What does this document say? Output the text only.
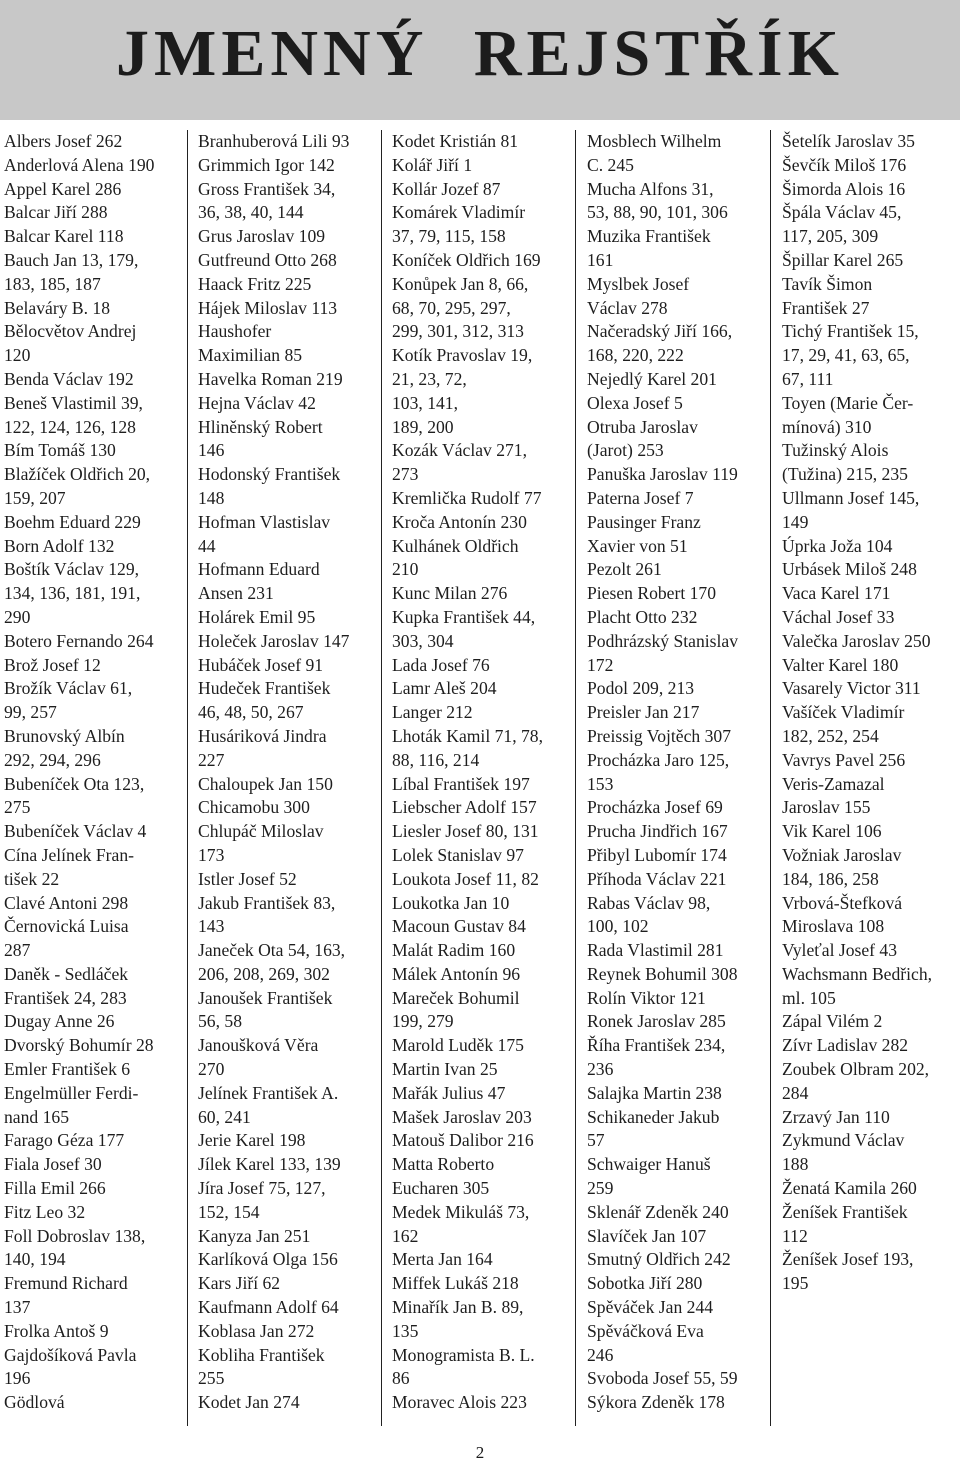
JMENNÝ REJSTŘÍK
Albers Josef 262
Anderlová Alena 190
Appel Karel 286
Balcar Jiří 288
Balcar Karel 118
Bauch Jan 13, 179,
183, 185, 187
Belaváry B. 18
Bělocvětov Andrej
120
Benda Václav 192
Beneš Vlastimil 39,
122, 124, 126, 128
Bím Tomáš 130
Blažíček Oldřich 20,
159, 207
Boehm Eduard 229
Born Adolf 132
Boštík Václav 129,
134, 136, 181, 191,
290
Botero Fernando 264
Brož Josef 12
Brožík Václav 61,
99, 257
Brunovský Albín
292, 294, 296
Bubeníček Ota 123,
275
Bubeníček Václav 4
Cína Jelínek Fran-
tišek 22
Clavé Antoni 298
Černovická Luisa
287
Daněk - Sedláček
František 24, 283
Dugay Anne 26
Dvorský Bohumír 28
Emler František 6
Engelmüller Ferdi-
nand 165
Farago Géza 177
Fiala Josef 30
Filla Emil 266
Fitz Leo 32
Foll Dobroslav 138,
140, 194
Fremund Richard
137
Frolka Antoš 9
Gajdošíková Pavla
196
Gödlová
Branhuberová Lili 93
Grimmich Igor 142
Gross František 34,
36, 38, 40, 144
Grus Jaroslav 109
Gutfreund Otto 268
Haack Fritz 225
Hájek Miloslav 113
Haushofer
Maximilian 85
Havelka Roman 219
Hejna Václav 42
Hliněnský Robert
146
Hodonský František
148
Hofman Vlastislav
44
Hofmann Eduard
Ansen 231
Holárek Emil 95
Holeček Jaroslav 147
Hubáček Josef 91
Hudeček František
46, 48, 50, 267
Husáriková Jindra
227
Chaloupek Jan 150
Chicamobu 300
Chlupáč Miloslav
173
Istler Josef 52
Jakub František 83,
143
Janeček Ota 54, 163,
206, 208, 269, 302
Janoušek František
56, 58
Janoušková Věra
270
Jelínek František A.
60, 241
Jerie Karel 198
Jílek Karel 133, 139
Jíra Josef 75, 127,
152, 154
Kanyza Jan 251
Karlíková Olga 156
Kars Jiří 62
Kaufmann Adolf 64
Koblasa Jan 272
Kobliha František
255
Kodet Jan 274
Kodet Kristián 81
Kolář Jiří 1
Kollár Jozef 87
Komárek Vladimír
37, 79, 115, 158
Koníček Oldřich 169
Konůpek Jan 8, 66,
68, 70, 295, 297,
299, 301, 312, 313
Kotík Pravoslav 19,
21, 23, 72,
103, 141,
189, 200
Kozák Václav 271,
273
Kremlička Rudolf 77
Kroča Antonín 230
Kulhánek Oldřich
210
Kunc Milan 276
Kupka František 44,
303, 304
Lada Josef 76
Lamr Aleš 204
Langer 212
Lhoták Kamil 71, 78,
88, 116, 214
Líbal František 197
Liebscher Adolf 157
Liesler Josef 80, 131
Lolek Stanislav 97
Loukota Josef 11, 82
Loukotka Jan 10
Macoun Gustav 84
Malát Radim 160
Málek Antonín 96
Mareček Bohumil
199, 279
Marold Luděk 175
Martin Ivan 25
Mařák Julius 47
Mašek Jaroslav 203
Matouš Dalibor 216
Matta Roberto
Eucharen 305
Medek Mikuláš 73,
162
Merta Jan 164
Miffek Lukáš 218
Minařík Jan B. 89,
135
Monogramista B. L.
86
Moravec Alois 223
Mosblech Wilhelm
C. 245
Mucha Alfons 31,
53, 88, 90, 101, 306
Muzika František
161
Myslbek Josef
Václav 278
Načeradský Jiří 166,
168, 220, 222
Nejedlý Karel 201
Olexa Josef 5
Otruba Jaroslav
(Jarot) 253
Panuška Jaroslav 119
Paterna Josef 7
Pausinger Franz
Xavier von 51
Pezolt 261
Piesen Robert 170
Placht Otto 232
Podhrázský Stanislav
172
Podol 209, 213
Preisler Jan 217
Preissig Vojtěch 307
Procházka Jaro 125,
153
Procházka Josef 69
Prucha Jindřich 167
Přibyl Lubomír 174
Příhoda Václav 221
Rabas Václav 98,
100, 102
Rada Vlastimil 281
Reynek Bohumil 308
Rolín Viktor 121
Ronek Jaroslav 285
Říha František 234,
236
Salajka Martin 238
Schikaneder Jakub
57
Schwaiger Hanuš
259
Sklenář Zdeněk 240
Slavíček Jan 107
Smutný Oldřich 242
Sobotka Jiří 280
Spěváček Jan 244
Spěváčková Eva
246
Svoboda Josef 55, 59
Sýkora Zdeněk 178
Šetelík Jaroslav 35
Ševčík Miloš 176
Šimorda Alois 16
Špála Václav 45,
117, 205, 309
Špillar Karel 265
Tavík Šimon
František 27
Tichý František 15,
17, 29, 41, 63, 65,
67, 111
Toyen (Marie Čer-
mínová) 310
Tužinský Alois
(Tužina) 215, 235
Ullmann Josef 145,
149
Úprka Joža 104
Urbásek Miloš 248
Vaca Karel 171
Váchal Josef 33
Valečka Jaroslav 250
Valter Karel 180
Vasarely Victor 311
Vašíček Vladimír
182, 252, 254
Vavrys Pavel 256
Veris-Zamazal
Jaroslav 155
Vik Karel 106
Vožniak Jaroslav
184, 186, 258
Vrbová-Štefková
Miroslava 108
Vyleťal Josef 43
Wachsmann Bedřich,
ml. 105
Zápal Vilém 2
Zívr Ladislav 282
Zoubek Olbram 202,
284
Zrzavý Jan 110
Zykmund Václav
188
Ženatá Kamila 260
Ženíšek František
112
Ženíšek Josef 193,
195
2
